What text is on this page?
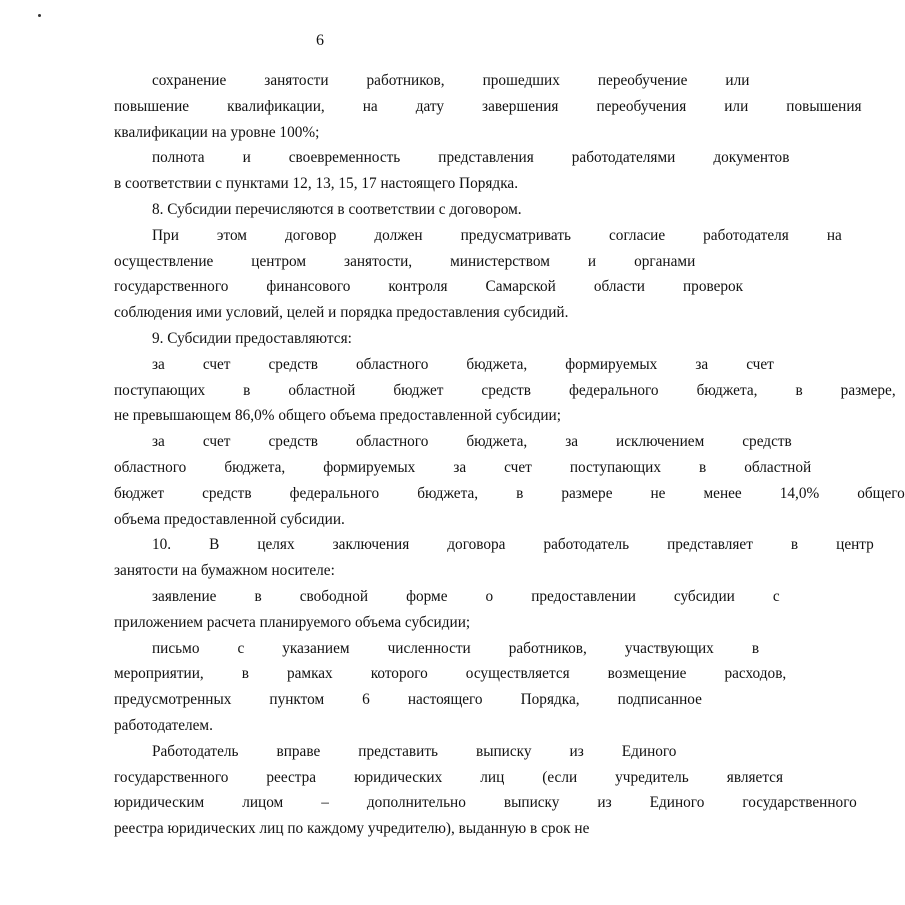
6
сохранение	занятости	работников,	прошедших	переобучение	или
повышение	квалификации,	на	дату	завершения	переобучения	или	повышения
квалификации на уровне 100%;
полнота	и	своевременность	представления	работодателями	документов
в соответствии с пунктами 12, 13, 15, 17 настоящего Порядка.
8. Субсидии перечисляются в соответствии с договором.
При	этом	договор	должен	предусматривать	согласие	работодателя	на
осуществление	центром	занятости,	министерством	и	органами
государственного	финансового	контроля	Самарской	области	проверок
соблюдения ими условий, целей и порядка предоставления субсидий.
9. Субсидии предоставляются:
за	счет	средств	областного	бюджета,	формируемых	за	счет
поступающих	в	областной	бюджет	средств	федерального	бюджета,	в	размере,
не превышающем 86,0% общего объема предоставленной субсидии;
за	счет	средств	областного	бюджета,	за	исключением	средств
областного	бюджета,	формируемых	за	счет	поступающих	в	областной
бюджет	средств	федерального	бюджета,	в	размере	не	менее	14,0%	общего
объема предоставленной субсидии.
10.	В	целях	заключения	договора	работодатель	представляет	в	центр
занятости на бумажном носителе:
заявление	в	свободной	форме	о	предоставлении	субсидии	с
приложением расчета планируемого объема субсидии;
письмо	с	указанием	численности	работников,	участвующих	в
мероприятии,	в	рамках	которого	осуществляется	возмещение	расходов,
предусмотренных	пунктом	6	настоящего	Порядка,	подписанное
работодателем.
Работодатель	вправе	представить	выписку	из	Единого
государственного	реестра	юридических	лиц	(если	учредитель	является
юридическим	лицом	–	дополнительно	выписку	из	Единого	государственного
реестра юридических лиц по каждому учредителю), выданную в срок не
